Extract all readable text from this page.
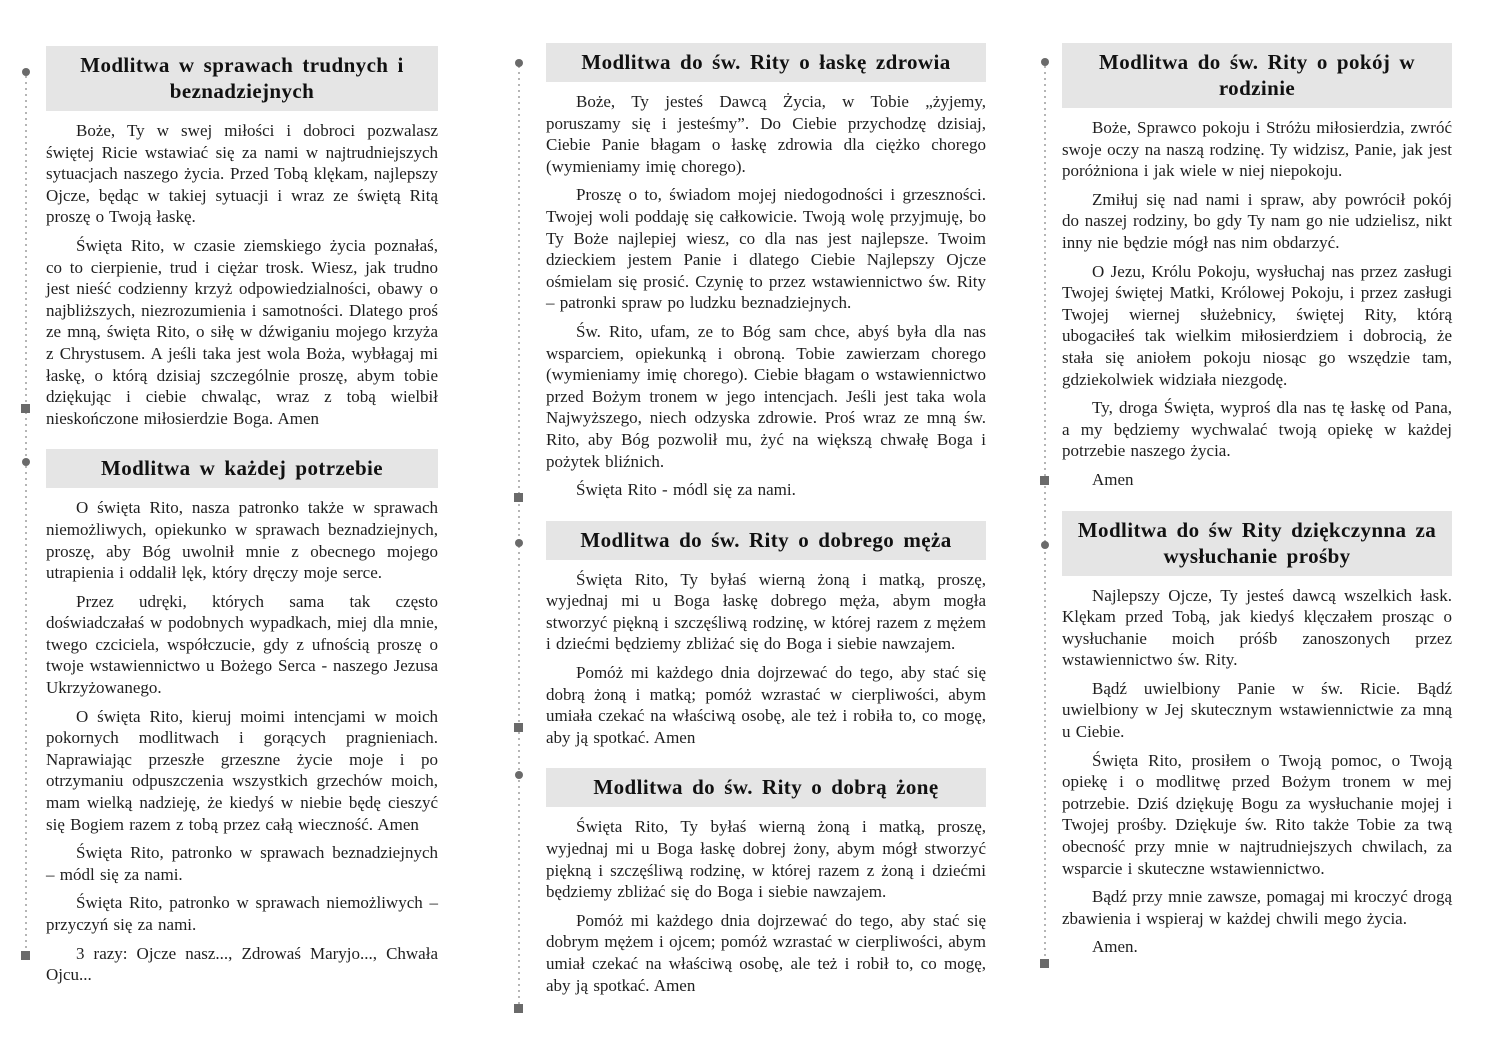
Modlitwa w sprawach trudnych i beznadziejnych

Boże, Ty w swej miłości i dobroci pozwalasz świętej Ricie wstawiać się za nami w najtrudniejszych sytuacjach naszego życia. Przed Tobą klękam, najlepszy Ojcze, będąc w takiej sytuacji i wraz ze świętą Ritą proszę o Twoją łaskę.

Święta Rito, w czasie ziemskiego życia poznałaś, co to cierpienie, trud i ciężar trosk. Wiesz, jak trudno jest nieść codzienny krzyż odpowiedzialności, obawy o najbliższych, niezrozumienia i samotności. Dlatego proś ze mną, święta Rito, o siłę w dźwiganiu mojego krzyża z Chrystusem. A jeśli taka jest wola Boża, wybłagaj mi łaskę, o którą dzisiaj szczególnie proszę, abym tobie dziękując i ciebie chwaląc, wraz z tobą wielbił nieskończone miłosierdzie Boga. Amen

Modlitwa w każdej potrzebie

O święta Rito, nasza patronko także w sprawach niemożliwych, opiekunko w sprawach beznadziejnych, proszę, aby Bóg uwolnił mnie z obecnego mojego utrapienia i oddalił lęk, który dręczy moje serce.

Przez udręki, których sama tak często doświadczałaś w podobnych wypadkach, miej dla mnie, twego czciciela, współczucie, gdy z ufnością proszę o twoje wstawiennictwo u Bożego Serca - naszego Jezusa Ukrzyżowanego.

O święta Rito, kieruj moimi intencjami w moich pokornych modlitwach i gorących pragnieniach. Naprawiając przeszłe grzeszne życie moje i po otrzymaniu odpuszczenia wszystkich grzechów moich, mam wielką nadzieję, że kiedyś w niebie będę cieszyć się Bogiem razem z tobą przez całą wieczność. Amen

Święta Rito, patronko w sprawach beznadziejnych – módl się za nami.

Święta Rito, patronko w sprawach niemożliwych – przyczyń się za nami.

3 razy: Ojcze nasz..., Zdrowaś Maryjo..., Chwała Ojcu...

Modlitwa do św. Rity o łaskę zdrowia

Boże, Ty jesteś Dawcą Życia, w Tobie „żyjemy, poruszamy się i jesteśmy”. Do Ciebie przychodzę dzisiaj, Ciebie Panie błagam o łaskę zdrowia dla ciężko chorego (wymieniamy imię chorego).

Proszę o to, świadom mojej niedogodności i grzeszności. Twojej woli poddaję się całkowicie. Twoją wolę przyjmuję, bo Ty Boże najlepiej wiesz, co dla nas jest najlepsze. Twoim dzieckiem jestem Panie i dlatego Ciebie Najlepszy Ojcze ośmielam się prosić. Czynię to przez wstawiennictwo św. Rity – patronki spraw po ludzku beznadziejnych.

Św. Rito, ufam, ze to Bóg sam chce, abyś była dla nas wsparciem, opiekunką i obroną. Tobie zawierzam chorego (wymieniamy imię chorego). Ciebie błagam o wstawiennictwo przed Bożym tronem w jego intencjach. Jeśli jest taka wola Najwyższego, niech odzyska zdrowie. Proś wraz ze mną św. Rito, aby Bóg pozwolił mu, żyć na większą chwałę Boga i pożytek bliźnich.

Święta Rito - módl się za nami.

Modlitwa do św. Rity o dobrego męża

Święta Rito, Ty byłaś wierną żoną i matką, proszę, wyjednaj mi u Boga łaskę dobrego męża, abym mogła stworzyć piękną i szczęśliwą rodzinę, w której razem z mężem i dziećmi będziemy zbliżać się do Boga i siebie nawzajem.

Pomóż mi każdego dnia dojrzewać do tego, aby stać się dobrą żoną i matką; pomóż wzrastać w cierpliwości, abym umiała czekać na właściwą osobę, ale też i robiła to, co mogę, aby ją spotkać. Amen

Modlitwa do św. Rity o dobrą żonę

Święta Rito, Ty byłaś wierną żoną i matką, proszę, wyjednaj mi u Boga łaskę dobrej żony, abym mógł stworzyć piękną i szczęśliwą rodzinę, w której razem z żoną i dziećmi będziemy zbliżać się do Boga i siebie nawzajem.

Pomóż mi każdego dnia dojrzewać do tego, aby stać się dobrym mężem i ojcem; pomóż wzrastać w cierpliwości, abym umiał czekać na właściwą osobę, ale też i robił to, co mogę, aby ją spotkać. Amen

Modlitwa do św. Rity o pokój w rodzinie

Boże, Sprawco pokoju i Stróżu miłosierdzia, zwróć swoje oczy na naszą rodzinę. Ty widzisz, Panie, jak jest poróżniona i jak wiele w niej niepokoju.

Zmiłuj się nad nami i spraw, aby powrócił pokój do naszej rodziny, bo gdy Ty nam go nie udzielisz, nikt inny nie będzie mógł nas nim obdarzyć.

O Jezu, Królu Pokoju, wysłuchaj nas przez zasługi Twojej świętej Matki, Królowej Pokoju, i przez zasługi Twojej wiernej służebnicy, świętej Rity, którą ubogaciłeś tak wielkim miłosierdziem i dobrocią, że stała się aniołem pokoju niosąc go wszędzie tam, gdziekolwiek widziała niezgodę.

Ty, droga Święta, wyproś dla nas tę łaskę od Pana, a my będziemy wychwalać twoją opiekę w każdej potrzebie naszego życia.

Amen

Modlitwa do św Rity dziękczynna za wysłuchanie prośby

Najlepszy Ojcze, Ty jesteś dawcą wszelkich łask. Klękam przed Tobą, jak kiedyś klęczałem prosząc o wysłuchanie moich próśb zanoszonych przez wstawiennictwo św. Rity.

Bądź uwielbiony Panie w św. Ricie. Bądź uwielbiony w Jej skutecznym wstawiennictwie za mną u Ciebie.

Święta Rito, prosiłem o Twoją pomoc, o Twoją opiekę i o modlitwę przed Bożym tronem w mej potrzebie. Dziś dziękuję Bogu za wysłuchanie mojej i Twojej prośby. Dziękuje św. Rito także Tobie za twą obecność przy mnie w najtrudniejszych chwilach, za wsparcie i skuteczne wstawiennictwo.

Bądź przy mnie zawsze, pomagaj mi kroczyć drogą zbawienia i wspieraj w każdej chwili mego życia.

Amen.
